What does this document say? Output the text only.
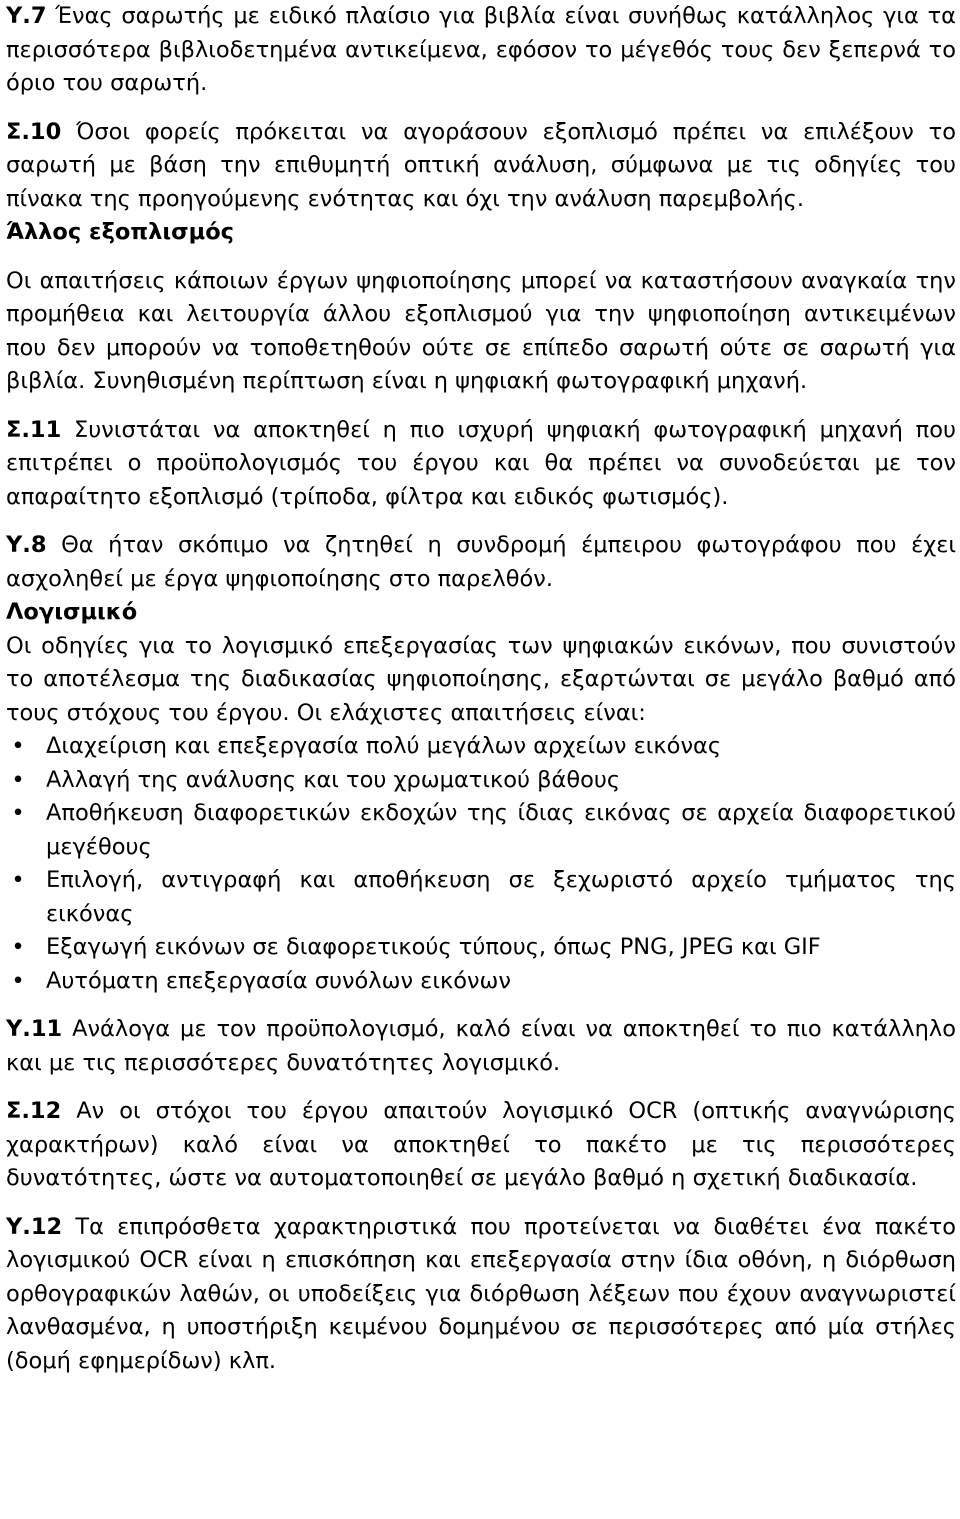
Υ.7 Ένας σαρωτής με ειδικό πλαίσιο για βιβλία είναι συνήθως κατάλληλος για τα περισσότερα βιβλιοδετημένα αντικείμενα, εφόσον το μέγεθός τους δεν ξεπερνά το όριο του σαρωτή.

Σ.10 Όσοι φορείς πρόκειται να αγοράσουν εξοπλισμό πρέπει να επιλέξουν το σαρωτή με βάση την επιθυμητή οπτική ανάλυση, σύμφωνα με τις οδηγίες του πίνακα της προηγούμενης ενότητας και όχι την ανάλυση παρεμβολής.

Άλλος εξοπλισμός

Οι απαιτήσεις κάποιων έργων ψηφιοποίησης μπορεί να καταστήσουν αναγκαία την προμήθεια και λειτουργία άλλου εξοπλισμού για την ψηφιοποίηση αντικειμένων που δεν μπορούν να τοποθετηθούν ούτε σε επίπεδο σαρωτή ούτε σε σαρωτή για βιβλία. Συνηθισμένη περίπτωση είναι η ψηφιακή φωτογραφική μηχανή.

Σ.11 Συνιστάται να αποκτηθεί η πιο ισχυρή ψηφιακή φωτογραφική μηχανή που επιτρέπει ο προϋπολογισμός του έργου και θα πρέπει να συνοδεύεται με τον απαραίτητο εξοπλισμό (τρίποδα, φίλτρα και ειδικός φωτισμός).

Υ.8 Θα ήταν σκόπιμο να ζητηθεί η συνδρομή έμπειρου φωτογράφου που έχει ασχοληθεί με έργα ψηφιοποίησης στο παρελθόν.

Λογισμικό

Οι οδηγίες για το λογισμικό επεξεργασίας των ψηφιακών εικόνων, που συνιστούν το αποτέλεσμα της διαδικασίας ψηφιοποίησης, εξαρτώνται σε μεγάλο βαθμό από τους στόχους του έργου. Οι ελάχιστες απαιτήσεις είναι:

• Διαχείριση και επεξεργασία πολύ μεγάλων αρχείων εικόνας
• Αλλαγή της ανάλυσης και του χρωματικού βάθους
• Αποθήκευση διαφορετικών εκδοχών της ίδιας εικόνας σε αρχεία διαφορετικού μεγέθους
• Επιλογή, αντιγραφή και αποθήκευση σε ξεχωριστό αρχείο τμήματος της εικόνας
• Εξαγωγή εικόνων σε διαφορετικούς τύπους, όπως PNG, JPEG και GIF
• Αυτόματη επεξεργασία συνόλων εικόνων

Υ.11 Ανάλογα με τον προϋπολογισμό, καλό είναι να αποκτηθεί το πιο κατάλληλο και με τις περισσότερες δυνατότητες λογισμικό.

Σ.12 Αν οι στόχοι του έργου απαιτούν λογισμικό OCR (οπτικής αναγνώρισης χαρακτήρων) καλό είναι να αποκτηθεί το πακέτο με τις περισσότερες δυνατότητες, ώστε να αυτοματοποιηθεί σε μεγάλο βαθμό η σχετική διαδικασία.

Υ.12 Τα επιπρόσθετα χαρακτηριστικά που προτείνεται να διαθέτει ένα πακέτο λογισμικού OCR είναι η επισκόπηση και επεξεργασία στην ίδια οθόνη, η διόρθωση ορθογραφικών λαθών, οι υποδείξεις για διόρθωση λέξεων που έχουν αναγνωριστεί λανθασμένα, η υποστήριξη κειμένου δομημένου σε περισσότερες από μία στήλες (δομή εφημερίδων) κλπ.
